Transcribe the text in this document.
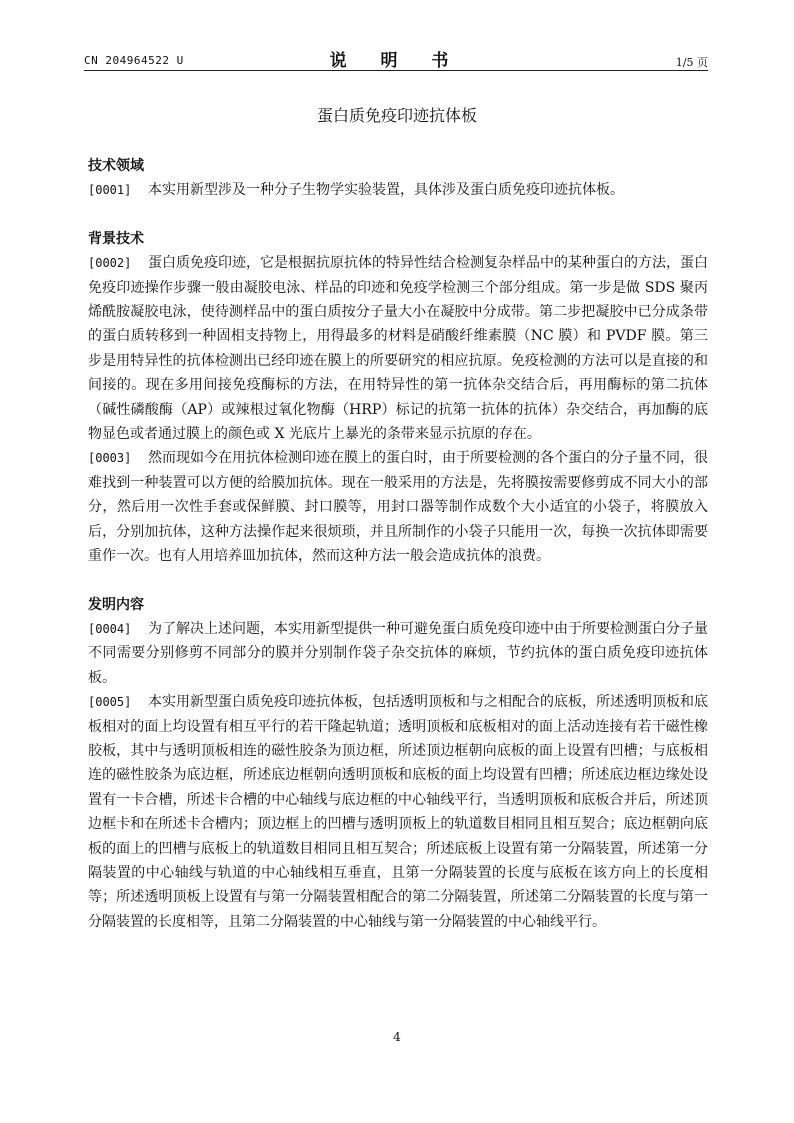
CN 204964522 U	说 明 书	1/5 页
蛋白质免疫印迹抗体板
技术领域

[0001] 本实用新型涉及一种分子生物学实验装置，具体涉及蛋白质免疫印迹抗体板。

背景技术

[0002] 蛋白质免疫印迹，它是根据抗原抗体的特异性结合检测复杂样品中的某种蛋白的方法，蛋白免疫印迹操作步骤一般由凝胶电泳、样品的印迹和免疫学检测三个部分组成。第一步是做 SDS 聚丙烯酰胺凝胶电泳，使待测样品中的蛋白质按分子量大小在凝胶中分成带。第二步把凝胶中已分成条带的蛋白质转移到一种固相支持物上，用得最多的材料是硝酸纤维素膜（NC 膜）和 PVDF 膜。第三步是用特异性的抗体检测出已经印迹在膜上的所要研究的相应抗原。免疫检测的方法可以是直接的和间接的。现在多用间接免疫酶标的方法，在用特异性的第一抗体杂交结合后，再用酶标的第二抗体（碱性磷酸酶（AP）或辣根过氧化物酶（HRP）标记的抗第一抗体的抗体）杂交结合，再加酶的底物显色或者通过膜上的颜色或 X 光底片上暴光的条带来显示抗原的存在。

[0003] 然而现如今在用抗体检测印迹在膜上的蛋白时，由于所要检测的各个蛋白的分子量不同，很难找到一种装置可以方便的给膜加抗体。现在一般采用的方法是，先将膜按需要修剪成不同大小的部分，然后用一次性手套或保鲜膜、封口膜等，用封口器等制作成数个大小适宜的小袋子，将膜放入后，分别加抗体，这种方法操作起来很烦琐，并且所制作的小袋子只能用一次，每换一次抗体即需要重作一次。也有人用培养皿加抗体，然而这种方法一般会造成抗体的浪费。

发明内容

[0004] 为了解决上述问题，本实用新型提供一种可避免蛋白质免疫印迹中由于所要检测蛋白分子量不同需要分别修剪不同部分的膜并分别制作袋子杂交抗体的麻烦，节约抗体的蛋白质免疫印迹抗体板。

[0005] 本实用新型蛋白质免疫印迹抗体板，包括透明顶板和与之相配合的底板，所述透明顶板和底板相对的面上均设置有相互平行的若干隆起轨道；透明顶板和底板相对的面上活动连接有若干磁性橡胶板，其中与透明顶板相连的磁性胶条为顶边框，所述顶边框朝向底板的面上设置有凹槽；与底板相连的磁性胶条为底边框，所述底边框朝向透明顶板和底板的面上均设置有凹槽；所述底边框边缘处设置有一卡合槽，所述卡合槽的中心轴线与底边框的中心轴线平行，当透明顶板和底板合并后，所述顶边框卡和在所述卡合槽内；顶边框上的凹槽与透明顶板上的轨道数目相同且相互契合；底边框朝向底板的面上的凹槽与底板上的轨道数目相同且相互契合；所述底板上设置有第一分隔装置，所述第一分隔装置的中心轴线与轨道的中心轴线相互垂直，且第一分隔装置的长度与底板在该方向上的长度相等；所述透明顶板上设置有与第一分隔装置相配合的第二分隔装置，所述第二分隔装置的长度与第一分隔装置的长度相等，且第二分隔装置的中心轴线与第一分隔装置的中心轴线平行。

4
